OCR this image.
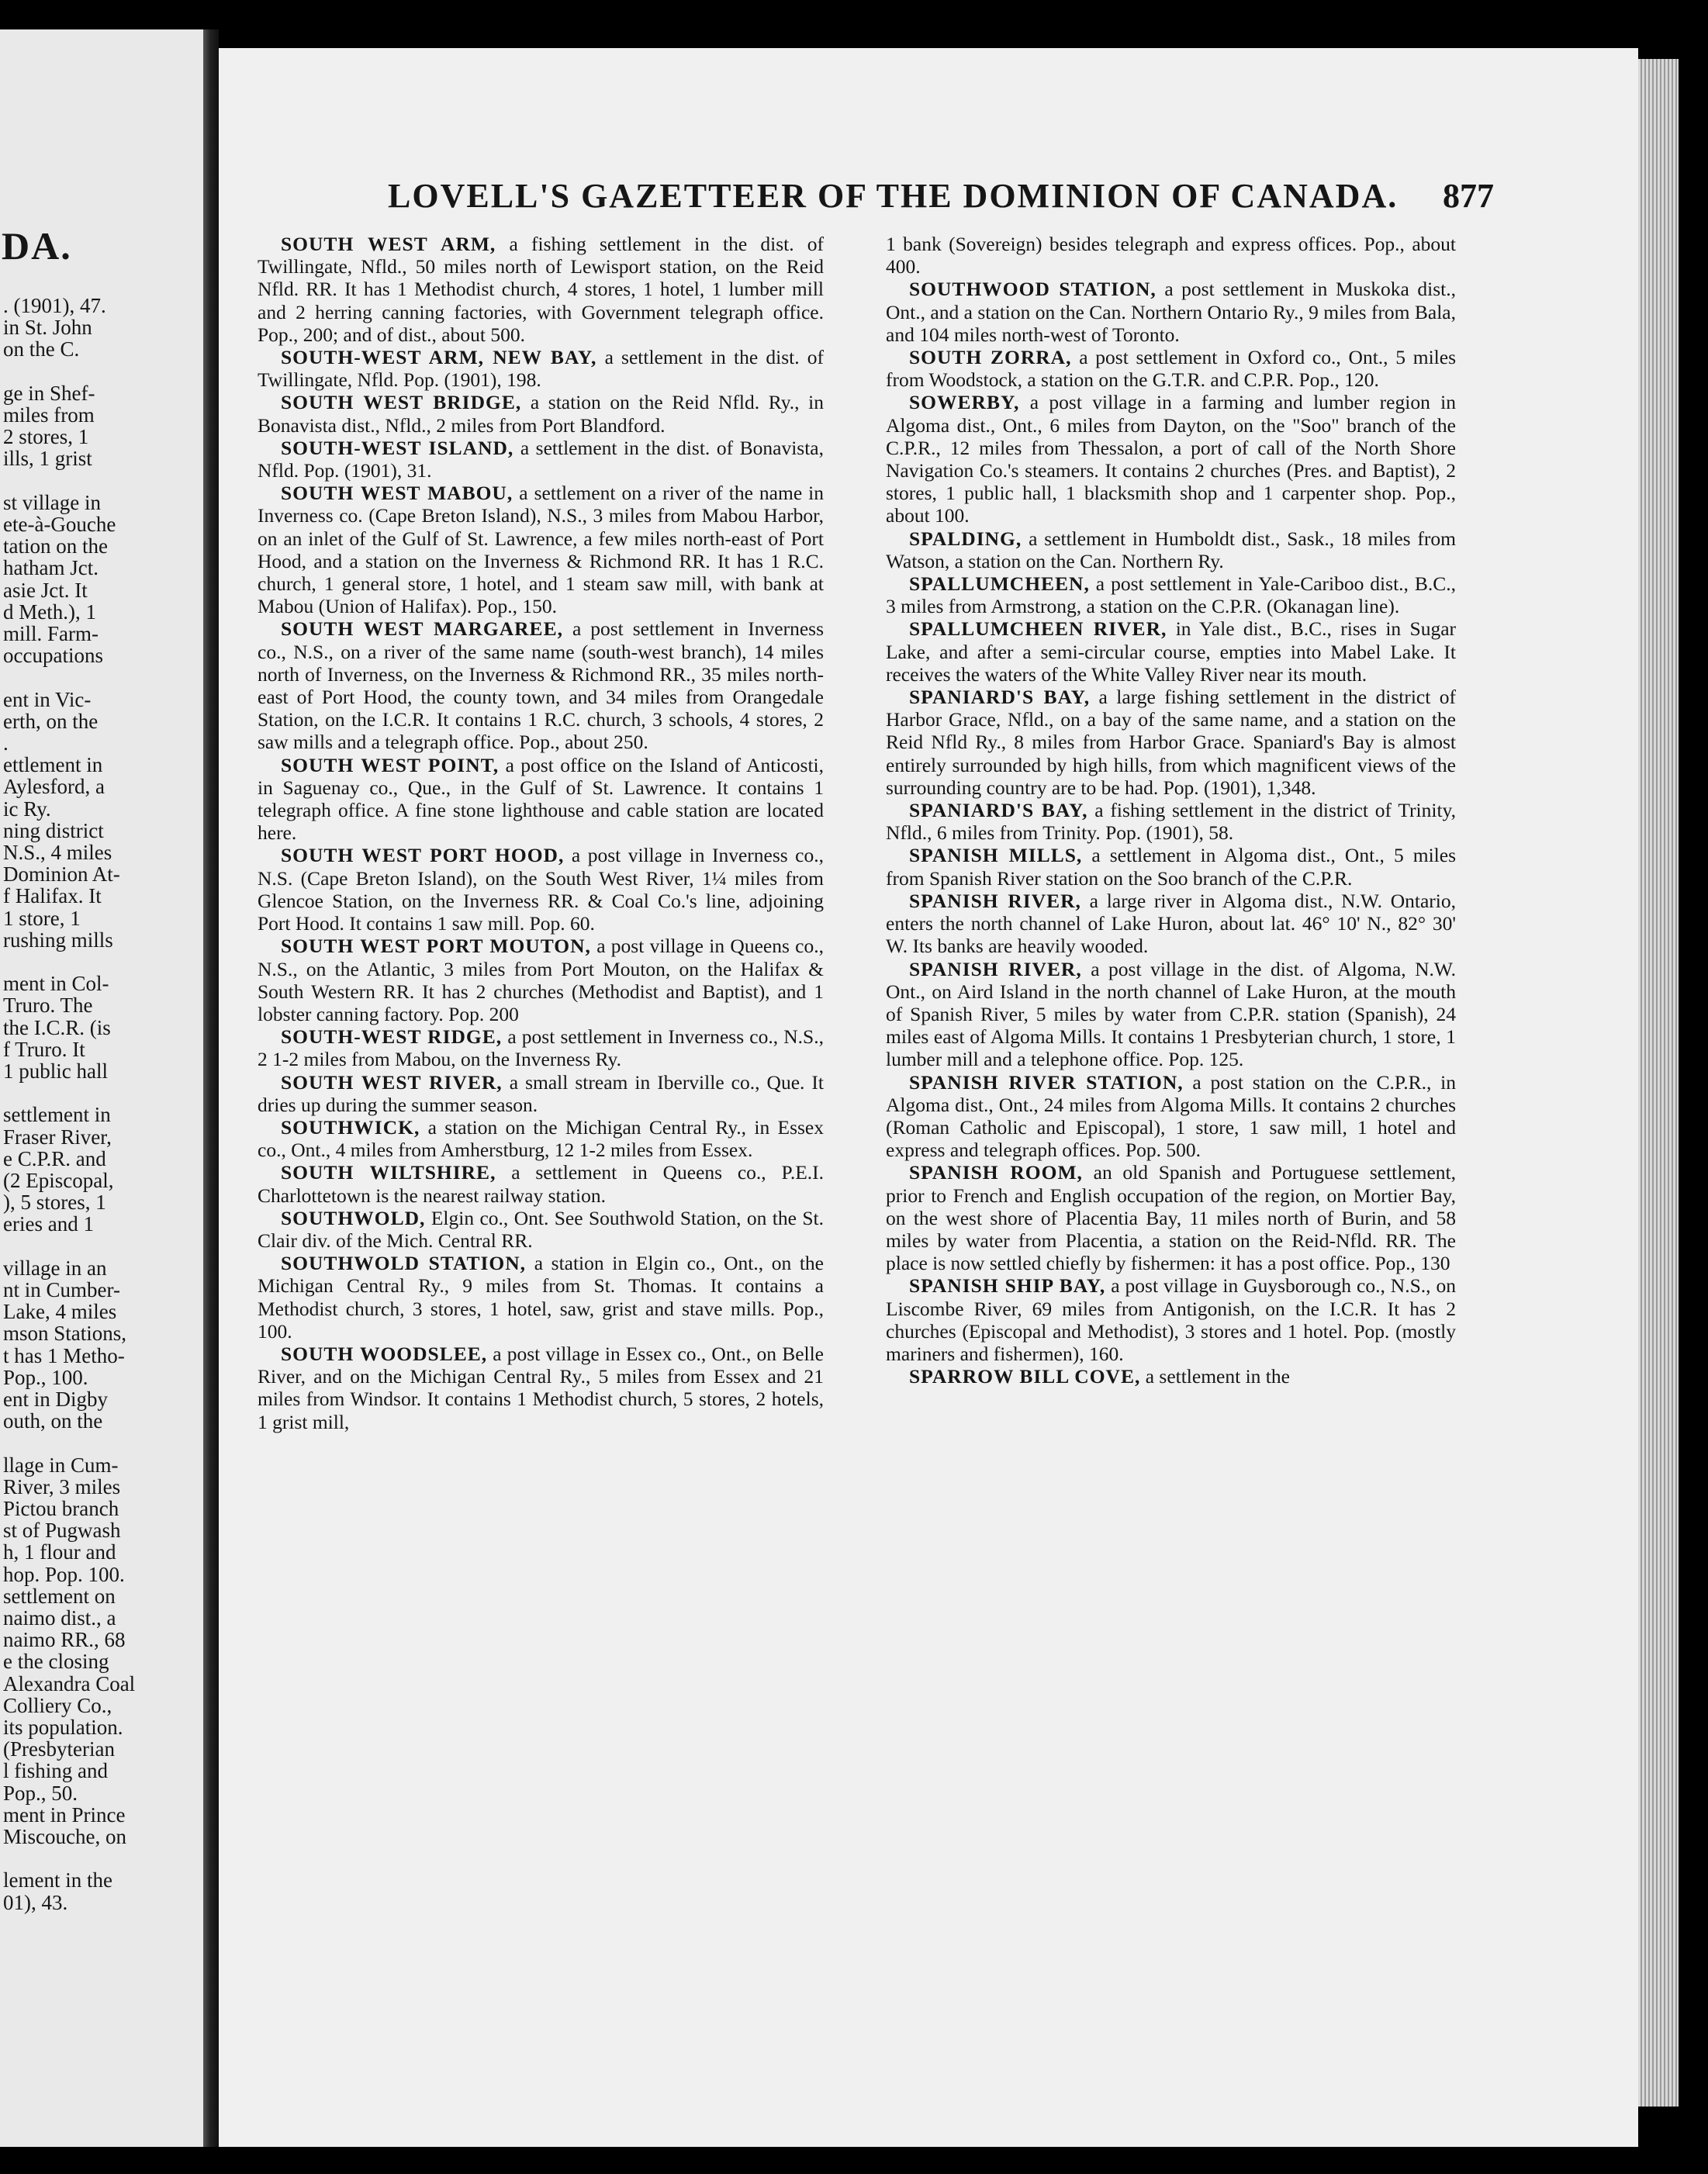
DA.
. (1901), 47.
in St. John
on the C.
ge in Shef-
miles from
2 stores, 1
ills, 1 grist
st village in
ete-à-Gouche
tation on the
hatham Jct.
asie Jct. It
d Meth.), 1
mill. Farm-
occupations
ent in Vic-
erth, on the
.
ettlement in
Aylesford, a
ic Ry.
ning district
N.S., 4 miles
Dominion At-
f Halifax. It
1 store, 1
rushing mills
ment in Col-
Truro. The
the I.C.R. (is
f Truro. It
1 public hall
settlement in
Fraser River,
e C.P.R. and
(2 Episcopal,
), 5 stores, 1
eries and 1
village in an
nt in Cumber-
Lake, 4 miles
mson Stations,
t has 1 Metho-
Pop., 100.
ent in Digby
outh, on the
llage in Cum-
River, 3 miles
Pictou branch
st of Pugwash
h, 1 flour and
hop. Pop. 100.
settlement on
naimo dist., a
naimo RR., 68
e the closing
Alexandra Coal
Colliery Co.,
its population.
(Presbyterian
l fishing and
Pop., 50.
ment in Prince
Miscouche, on
lement in the
01), 43.
LOVELL'S GAZETTEER OF THE DOMINION OF CANADA.	877

SOUTH WEST ARM, a fishing settlement in the dist. of Twillingate, Nfld., 50 miles north of Lewisport station, on the Reid Nfld. RR. It has 1 Methodist church, 4 stores, 1 hotel, 1 lumber mill and 2 herring canning factories, with Government telegraph office. Pop., 200; and of dist., about 500.

SOUTH-WEST ARM, NEW BAY, a settlement in the dist. of Twillingate, Nfld. Pop. (1901), 198.

SOUTH WEST BRIDGE, a station on the Reid Nfld. Ry., in Bonavista dist., Nfld., 2 miles from Port Blandford.

SOUTH-WEST ISLAND, a settlement in the dist. of Bonavista, Nfld. Pop. (1901), 31.

SOUTH WEST MABOU, a settlement on a river of the name in Inverness co. (Cape Breton Island), N.S., 3 miles from Mabou Harbor, on an inlet of the Gulf of St. Lawrence, a few miles north-east of Port Hood, and a station on the Inverness & Richmond RR. It has 1 R.C. church, 1 general store, 1 hotel, and 1 steam saw mill, with bank at Mabou (Union of Halifax). Pop., 150.

SOUTH WEST MARGAREE, a post settlement in Inverness co., N.S., on a river of the same name (south-west branch), 14 miles north of Inverness, on the Inverness & Richmond RR., 35 miles north-east of Port Hood, the county town, and 34 miles from Orangedale Station, on the I.C.R. It contains 1 R.C. church, 3 schools, 4 stores, 2 saw mills and a telegraph office. Pop., about 250.

SOUTH WEST POINT, a post office on the Island of Anticosti, in Saguenay co., Que., in the Gulf of St. Lawrence. It contains 1 telegraph office. A fine stone lighthouse and cable station are located here.

SOUTH WEST PORT HOOD, a post village in Inverness co., N.S. (Cape Breton Island), on the South West River, 1¼ miles from Glencoe Station, on the Inverness RR. & Coal Co.'s line, adjoining Port Hood. It contains 1 saw mill. Pop. 60.

SOUTH WEST PORT MOUTON, a post village in Queens co., N.S., on the Atlantic, 3 miles from Port Mouton, on the Halifax & South Western RR. It has 2 churches (Methodist and Baptist), and 1 lobster canning factory. Pop. 200

SOUTH-WEST RIDGE, a post settlement in Inverness co., N.S., 2 1-2 miles from Mabou, on the Inverness Ry.

SOUTH WEST RIVER, a small stream in Iberville co., Que. It dries up during the summer season.

SOUTHWICK, a station on the Michigan Central Ry., in Essex co., Ont., 4 miles from Amherstburg, 12 1-2 miles from Essex.

SOUTH WILTSHIRE, a settlement in Queens co., P.E.I. Charlottetown is the nearest railway station.

SOUTHWOLD, Elgin co., Ont. See Southwold Station, on the St. Clair div. of the Mich. Central RR.

SOUTHWOLD STATION, a station in Elgin co., Ont., on the Michigan Central Ry., 9 miles from St. Thomas. It contains a Methodist church, 3 stores, 1 hotel, saw, grist and stave mills. Pop., 100.

SOUTH WOODSLEE, a post village in Essex co., Ont., on Belle River, and on the Michigan Central Ry., 5 miles from Essex and 21 miles from Windsor. It contains 1 Methodist church, 5 stores, 2 hotels, 1 grist mill,

1 bank (Sovereign) besides telegraph and express offices. Pop., about 400.

SOUTHWOOD STATION, a post settlement in Muskoka dist., Ont., and a station on the Can. Northern Ontario Ry., 9 miles from Bala, and 104 miles north-west of Toronto.

SOUTH ZORRA, a post settlement in Oxford co., Ont., 5 miles from Woodstock, a station on the G.T.R. and C.P.R. Pop., 120.

SOWERBY, a post village in a farming and lumber region in Algoma dist., Ont., 6 miles from Dayton, on the "Soo" branch of the C.P.R., 12 miles from Thessalon, a port of call of the North Shore Navigation Co.'s steamers. It contains 2 churches (Pres. and Baptist), 2 stores, 1 public hall, 1 blacksmith shop and 1 carpenter shop. Pop., about 100.

SPALDING, a settlement in Humboldt dist., Sask., 18 miles from Watson, a station on the Can. Northern Ry.

SPALLUMCHEEN, a post settlement in Yale-Cariboo dist., B.C., 3 miles from Armstrong, a station on the C.P.R. (Okanagan line).

SPALLUMCHEEN RIVER, in Yale dist., B.C., rises in Sugar Lake, and after a semi-circular course, empties into Mabel Lake. It receives the waters of the White Valley River near its mouth.

SPANIARD'S BAY, a large fishing settlement in the district of Harbor Grace, Nfld., on a bay of the same name, and a station on the Reid Nfld Ry., 8 miles from Harbor Grace. Spaniard's Bay is almost entirely surrounded by high hills, from which magnificent views of the surrounding country are to be had. Pop. (1901), 1,348.

SPANIARD'S BAY, a fishing settlement in the district of Trinity, Nfld., 6 miles from Trinity. Pop. (1901), 58.

SPANISH MILLS, a settlement in Algoma dist., Ont., 5 miles from Spanish River station on the Soo branch of the C.P.R.

SPANISH RIVER, a large river in Algoma dist., N.W. Ontario, enters the north channel of Lake Huron, about lat. 46° 10' N., 82° 30' W. Its banks are heavily wooded.

SPANISH RIVER, a post village in the dist. of Algoma, N.W. Ont., on Aird Island in the north channel of Lake Huron, at the mouth of Spanish River, 5 miles by water from C.P.R. station (Spanish), 24 miles east of Algoma Mills. It contains 1 Presbyterian church, 1 store, 1 lumber mill and a telephone office. Pop. 125.

SPANISH RIVER STATION, a post station on the C.P.R., in Algoma dist., Ont., 24 miles from Algoma Mills. It contains 2 churches (Roman Catholic and Episcopal), 1 store, 1 saw mill, 1 hotel and express and telegraph offices. Pop. 500.

SPANISH ROOM, an old Spanish and Portuguese settlement, prior to French and English occupation of the region, on Mortier Bay, on the west shore of Placentia Bay, 11 miles north of Burin, and 58 miles by water from Placentia, a station on the Reid-Nfld. RR. The place is now settled chiefly by fishermen: it has a post office. Pop., 130

SPANISH SHIP BAY, a post village in Guysborough co., N.S., on Liscombe River, 69 miles from Antigonish, on the I.C.R. It has 2 churches (Episcopal and Methodist), 3 stores and 1 hotel. Pop. (mostly mariners and fishermen), 160.

SPARROW BILL COVE, a settlement in the
